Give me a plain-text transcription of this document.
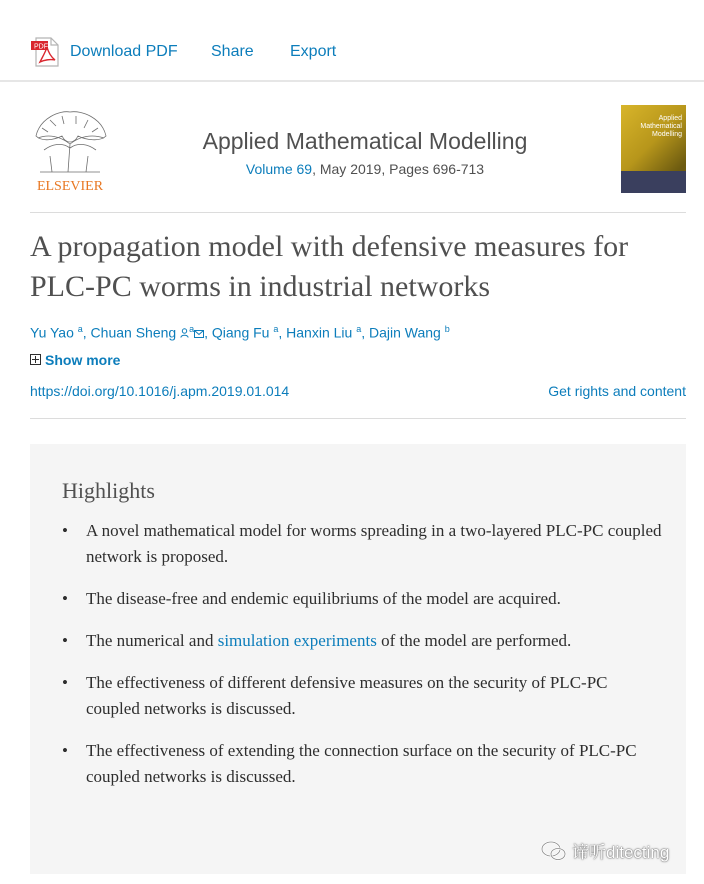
PDF Download PDF Share Export
ELSEVIER
Applied Mathematical Modelling
Volume 69, May 2019, Pages 696-713
Applied Mathematical Modelling
A propagation model with defensive measures for PLC-PC worms in industrial networks
Yu Yao $^a$, Chuan Sheng $^a$ , Qiang Fu $^a$, Hanxin Liu $^a$, Dajin Wang $^b$
Show more
https://doi.org/10.1016/j.apm.2019.01.014	Get rights and content
Highlights
• A novel mathematical model for worms spreading in a two-layered PLC-PC coupled network is proposed.
• The disease-free and endemic equilibriums of the model are acquired.
• The numerical and simulation experiments of the model are performed.
• The effectiveness of different defensive measures on the security of PLC-PC coupled networks is discussed.
• The effectiveness of extending the connection surface on the security of PLC-PC coupled networks is discussed.
谛听ditecting
